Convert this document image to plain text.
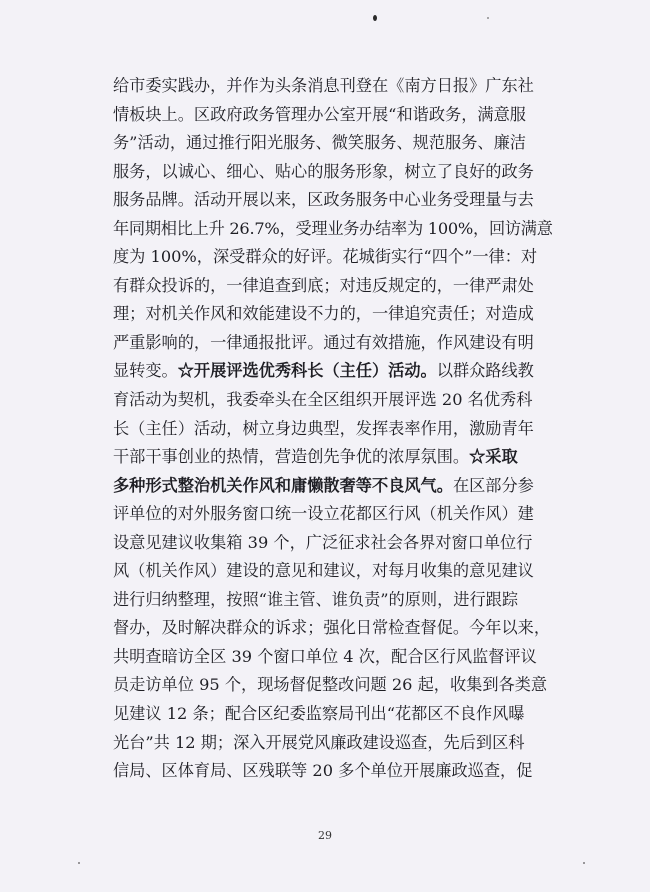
给市委实践办，并作为头条消息刊登在《南方日报》广东社
情板块上。区政府政务管理办公室开展“和谐政务，满意服
务”活动，通过推行阳光服务、微笑服务、规范服务、廉洁
服务，以诚心、细心、贴心的服务形象，树立了良好的政务
服务品牌。活动开展以来，区政务服务中心业务受理量与去
年同期相比上升 26.7%，受理业务办结率为 100%，回访满意
度为 100%，深受群众的好评。花城街实行“四个”一律：对
有群众投诉的，一律追查到底；对违反规定的，一律严肃处
理；对机关作风和效能建设不力的，一律追究责任；对造成
严重影响的，一律通报批评。通过有效措施，作风建设有明
显转变。☆开展评选优秀科长（主任）活动。以群众路线教
育活动为契机，我委牵头在全区组织开展评选 20 名优秀科
长（主任）活动，树立身边典型，发挥表率作用，激励青年
干部干事创业的热情，营造创先争优的浓厚氛围。☆采取
多种形式整治机关作风和庸懒散奢等不良风气。在区部分参
评单位的对外服务窗口统一设立花都区行风（机关作风）建
设意见建议收集箱 39 个，广泛征求社会各界对窗口单位行
风（机关作风）建设的意见和建议，对每月收集的意见建议
进行归纳整理，按照“谁主管、谁负责”的原则，进行跟踪
督办，及时解决群众的诉求；强化日常检查督促。今年以来，
共明查暗访全区 39 个窗口单位 4 次，配合区行风监督评议
员走访单位 95 个，现场督促整改问题 26 起，收集到各类意
见建议 12 条；配合区纪委监察局刊出“花都区不良作风曝
光台”共 12 期；深入开展党风廉政建设巡查，先后到区科
信局、区体育局、区残联等 20 多个单位开展廉政巡查，促
29
